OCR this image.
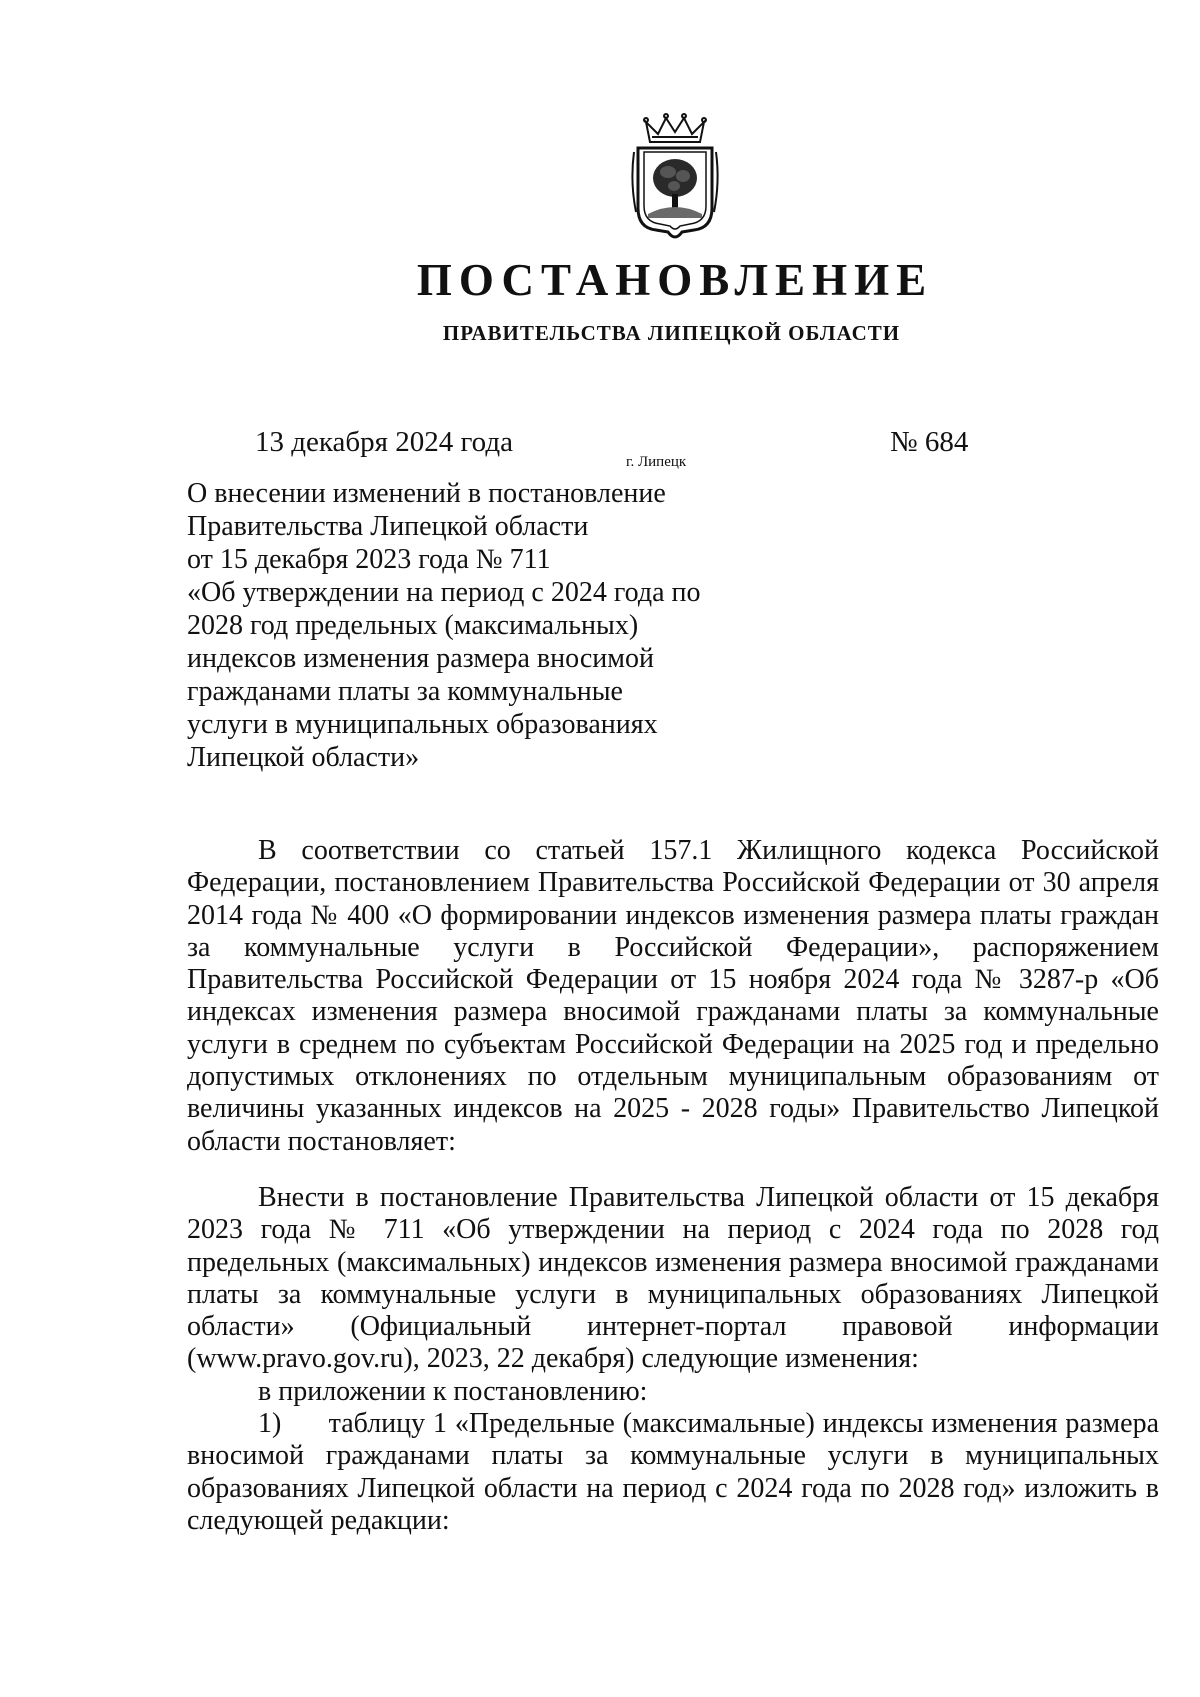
ПОСТАНОВЛЕНИЕ
ПРАВИТЕЛЬСТВА ЛИПЕЦКОЙ ОБЛАСТИ
13 декабря 2024 года
г. Липецк
№ 684
О внесении изменений в постановление
Правительства Липецкой области
от 15 декабря 2023 года № 711
«Об утверждении на период с 2024 года по
2028 год предельных (максимальных)
индексов изменения размера вносимой
гражданами платы за коммунальные
услуги в муниципальных образованиях
Липецкой области»

В соответствии со статьей 157.1 Жилищного кодекса Российской Федерации, постановлением Правительства Российской Федерации от 30 апреля 2014 года № 400 «О формировании индексов изменения размера платы граждан за коммунальные услуги в Российской Федерации», распоряжением Правительства Российской Федерации от 15 ноября 2024 года № 3287-р «Об индексах изменения размера вносимой гражданами платы за коммунальные услуги в среднем по субъектам Российской Федерации на 2025 год и предельно допустимых отклонениях по отдельным муниципальным образованиям от величины указанных индексов на 2025 - 2028 годы» Правительство Липецкой области постановляет:

Внести в постановление Правительства Липецкой области от 15 декабря 2023 года № 711 «Об утверждении на период с 2024 года по 2028 год предельных (максимальных) индексов изменения размера вносимой гражданами платы за коммунальные услуги в муниципальных образованиях Липецкой области» (Официальный интернет-портал правовой информации (www.pravo.gov.ru), 2023, 22 декабря) следующие изменения:

в приложении к постановлению:

1) таблицу 1 «Предельные (максимальные) индексы изменения размера вносимой гражданами платы за коммунальные услуги в муниципальных образованиях Липецкой области на период с 2024 года по 2028 год» изложить в следующей редакции:
